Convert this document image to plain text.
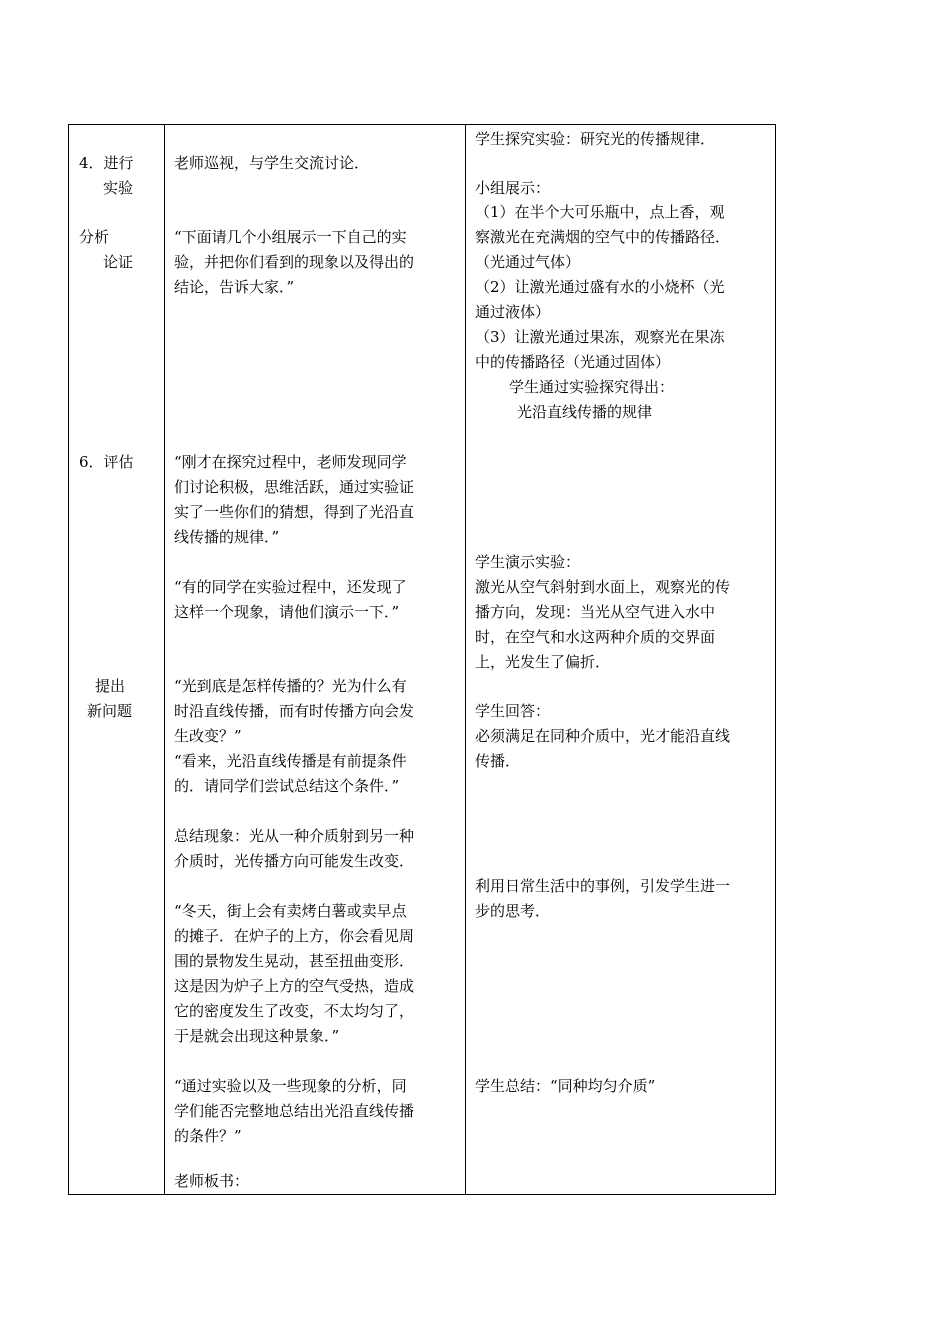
4．进行
实验
分析
论证
6．评估
提出
新问题
老师巡视，与学生交流讨论．
“下面请几个小组展示一下自己的实
验，并把你们看到的现象以及得出的
结论，告诉大家．”
“刚才在探究过程中，老师发现同学
们讨论积极，思维活跃，通过实验证
实了一些你们的猜想，得到了光沿直
线传播的规律．”
“有的同学在实验过程中，还发现了
这样一个现象，请他们演示一下．”
“光到底是怎样传播的？光为什么有
时沿直线传播，而有时传播方向会发
生改变？”
“看来，光沿直线传播是有前提条件
的．请同学们尝试总结这个条件．”
总结现象：光从一种介质射到另一种
介质时，光传播方向可能发生改变．
“冬天，街上会有卖烤白薯或卖早点
的摊子．在炉子的上方，你会看见周
围的景物发生晃动，甚至扭曲变形．
这是因为炉子上方的空气受热，造成
它的密度发生了改变，不太均匀了，
于是就会出现这种景象．”
“通过实验以及一些现象的分析，同
学们能否完整地总结出光沿直线传播
的条件？”
老师板书：
学生探究实验：研究光的传播规律．
小组展示：
（1）在半个大可乐瓶中，点上香，观
察激光在充满烟的空气中的传播路径．
（光通过气体）
（2）让激光通过盛有水的小烧杯（光
通过液体）
（3）让激光通过果冻，观察光在果冻
中的传播路径（光通过固体）
学生通过实验探究得出：
光沿直线传播的规律
学生演示实验：
激光从空气斜射到水面上，观察光的传
播方向，发现：当光从空气进入水中
时，在空气和水这两种介质的交界面
上，光发生了偏折．
学生回答：
必须满足在同种介质中，光才能沿直线
传播．
利用日常生活中的事例，引发学生进一
步的思考．
学生总结：“同种均匀介质”
